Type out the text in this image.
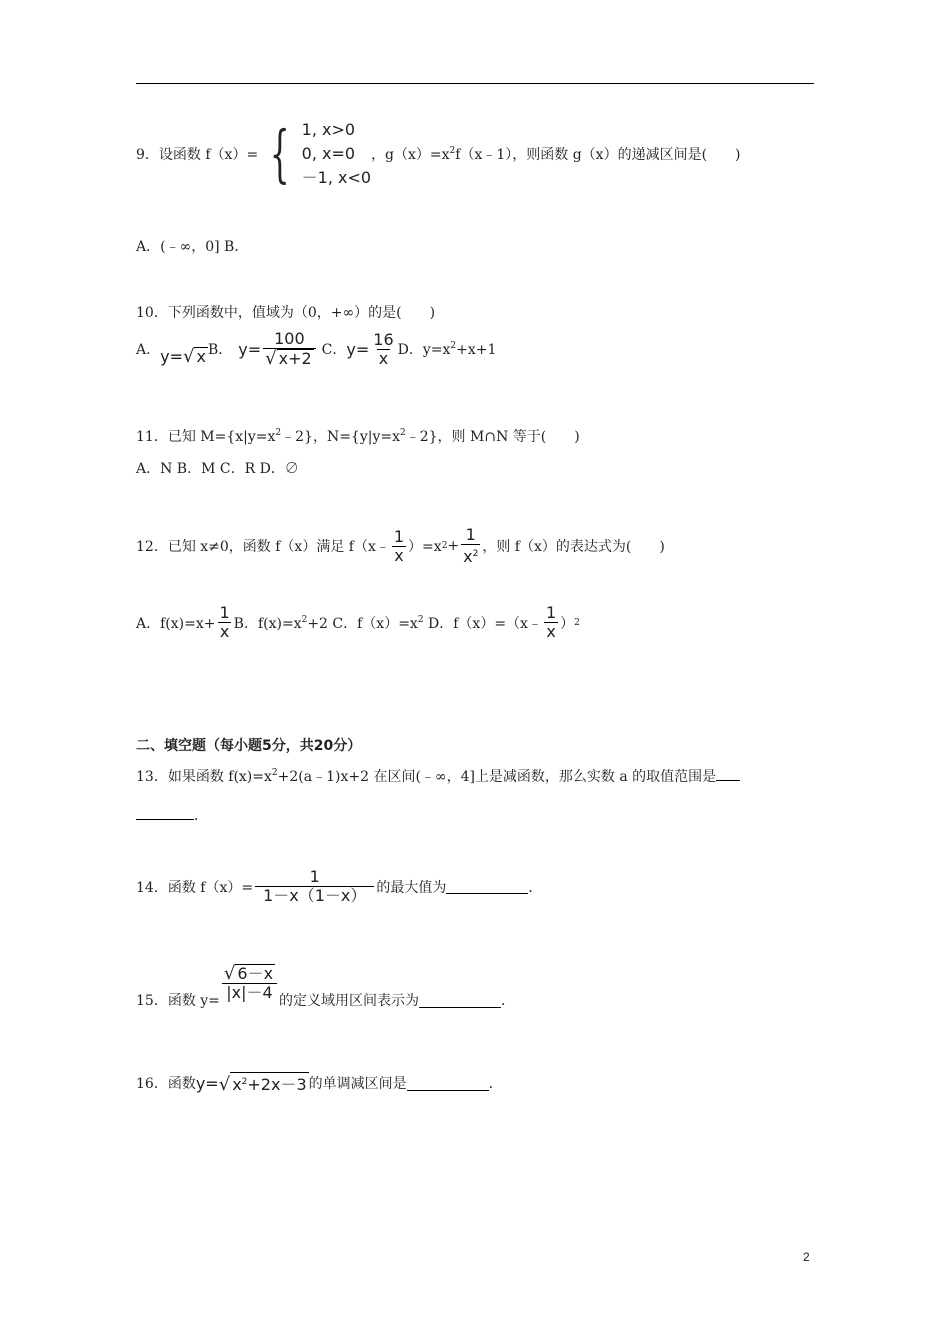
9． 设函数 f（x）= { 1, x>0
0, x=0
－1, x<0
，$g(x)=x^2f(x﹣1)$，则函数 g（x）的递减区间是(　　)
A．(﹣∞，0] B．
10．下列函数中，值域为（0，+∞）的是(　　)
A． y= √ x B． $y= \frac{100}{√ x+2}$ C． $y= \frac{16}{x}$ D． $y=x^2+x+1$
11．已知 $M=\{x|y=x^2﹣2\}$，$N=\{y|y=x^2﹣2\}$，则 M∩N 等于(　　)
A．N B．M C．R D．∅
12．已知 x≠0，函数 f（x）满足 f（x﹣ $\frac{1}{x} )=x$ $2 + \frac{1}{x^2}$ ，则 f（x）的表达式为(　　)
A．$f(x)=x+ \frac{1}{x}$ B．$f(x)=x^2+2$ C．$f(x)=x^2$ D．f（x）=（x﹣ $\frac{1}{x}$ ） 2
二、填空题（每小题5分，共20分）
13．如果函数 $f(x)=x^2+2(a﹣1)x+2$ 在区间(﹣∞，4]上是减函数，那么实数 a 的取值范围是
．
14．函数 $f(x)= \frac{1}{1-x(1-x)}$ 的最大值为	．
15．函数 $y= \frac{√ 6-x}{|x|-4}$ 的定义域用区间表示为	．
16．函数 y= √ $x^2+2x-3$ 的单调减区间是	．
2
